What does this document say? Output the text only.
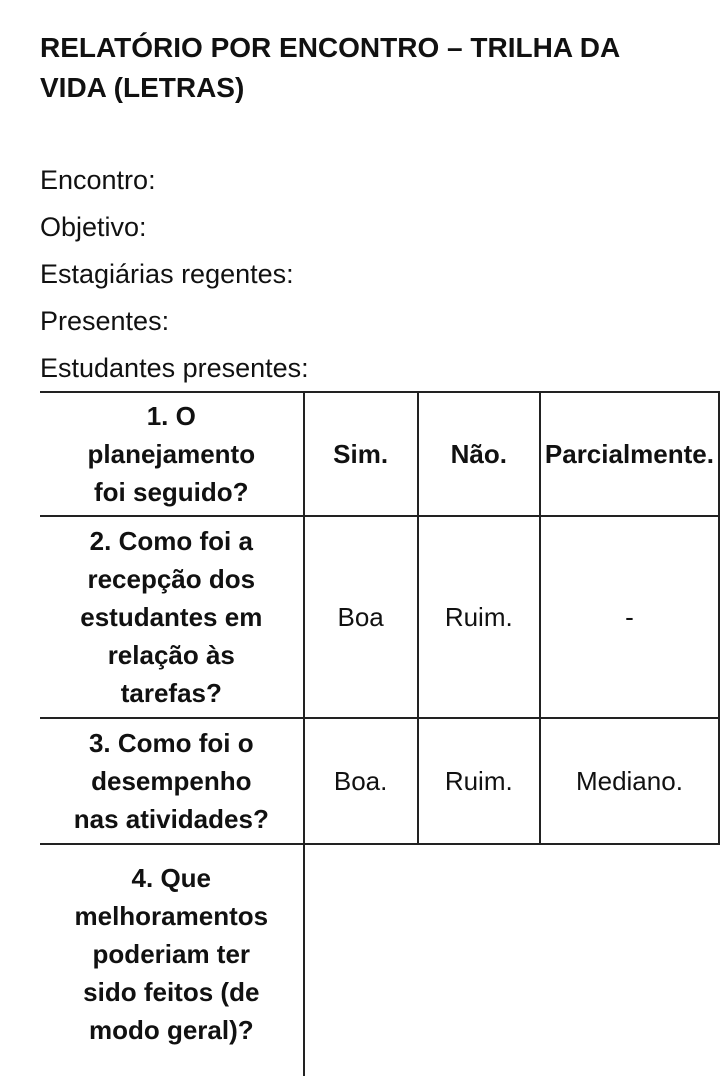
RELATÓRIO POR ENCONTRO – TRILHA DA
VIDA (LETRAS)
Encontro:
Objetivo:
Estagiárias regentes:
Presentes:
Estudantes presentes:
1. O
planejamento
foi seguido?	Sim.	Não.	Parcialmente.
2. Como foi a
recepção dos
estudantes em
relação às
tarefas?	Boa	Ruim.	-
3. Como foi o
desempenho
nas atividades?	Boa.	Ruim.	Mediano.
4. Que
melhoramentos
poderiam ter
sido feitos (de
modo geral)?			
